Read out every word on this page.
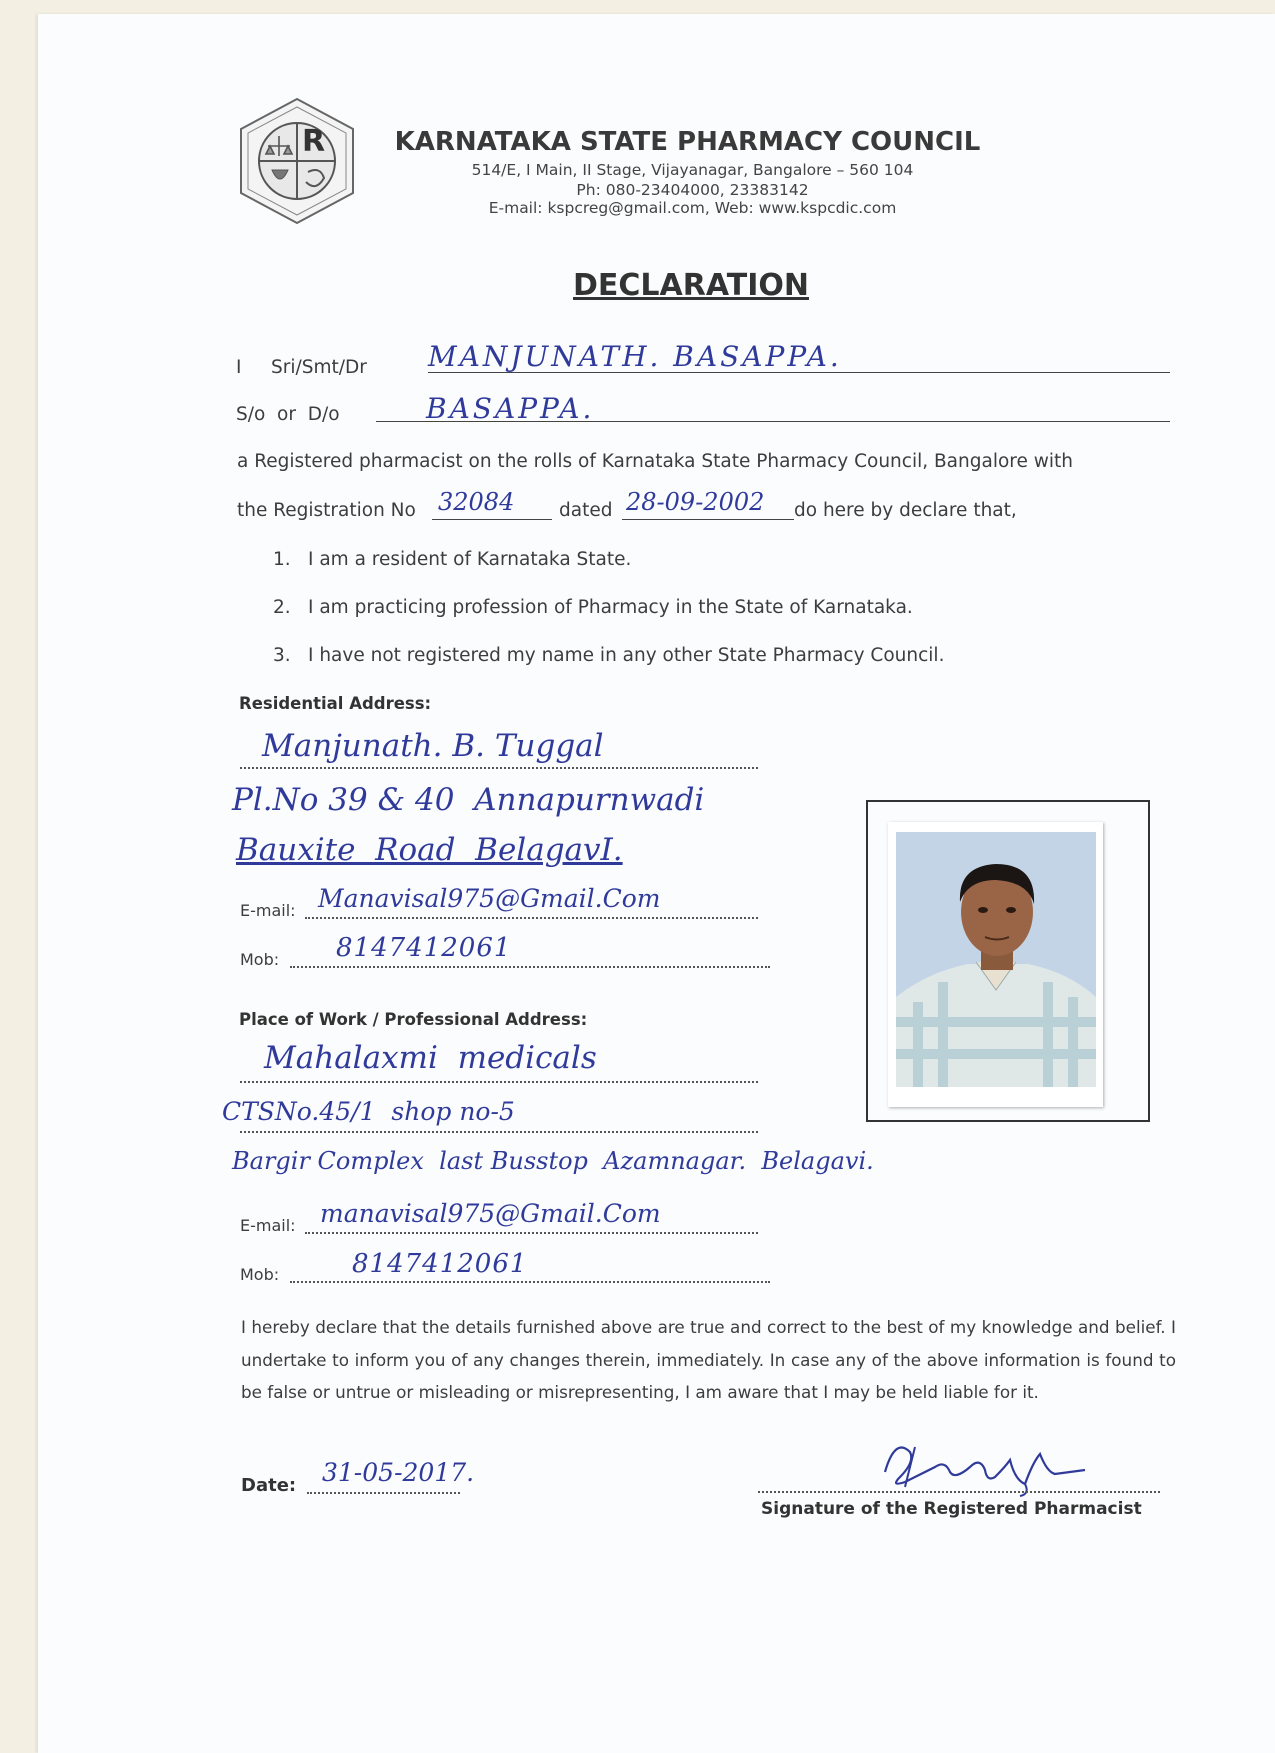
R	KARNATAKA STATE PHARMACY COUNCIL
514/E, I Main, II Stage, Vijayanagar, Bangalore – 560 104
Ph: 080-23404000, 23383142
E-mail: kspcreg@gmail.com, Web: www.kspcdic.com
DECLARATION
I Sri/Smt/Dr MANJUNATH. BASAPPA.
S/o  or  D/o	BASAPPA.
a Registered pharmacist on the rolls of Karnataka State Pharmacy Council, Bangalore with
the Registration No 32084 dated 28-09-2002 do here by declare that,
1. I am a resident of Karnataka State.
2. I am practicing profession of Pharmacy in the State of Karnataka.
3. I have not registered my name in any other State Pharmacy Council.
Residential Address:
Manjunath. B. Tuggal
Pl.No 39 & 40  Annapurnwadi
Bauxite  Road  BelagavI.
E-mail: Manavisal975@Gmail.Com
Mob: 8147412061
Place of Work / Professional Address:
Mahalaxmi  medicals
CTSNo.45/1  shop no-5
Bargir Complex  last Busstop  Azamnagar.  Belagavi.
E-mail: manavisal975@Gmail.Com
Mob:	8147412061
I hereby declare that the details furnished above are true and correct to the best of my knowledge and belief. I undertake to inform you of any changes therein, immediately. In case any of the above information is found to be false or untrue or misleading or misrepresenting, I am aware that I may be held liable for it.
Date: 31-05-2017.
Signature of the Registered Pharmacist
